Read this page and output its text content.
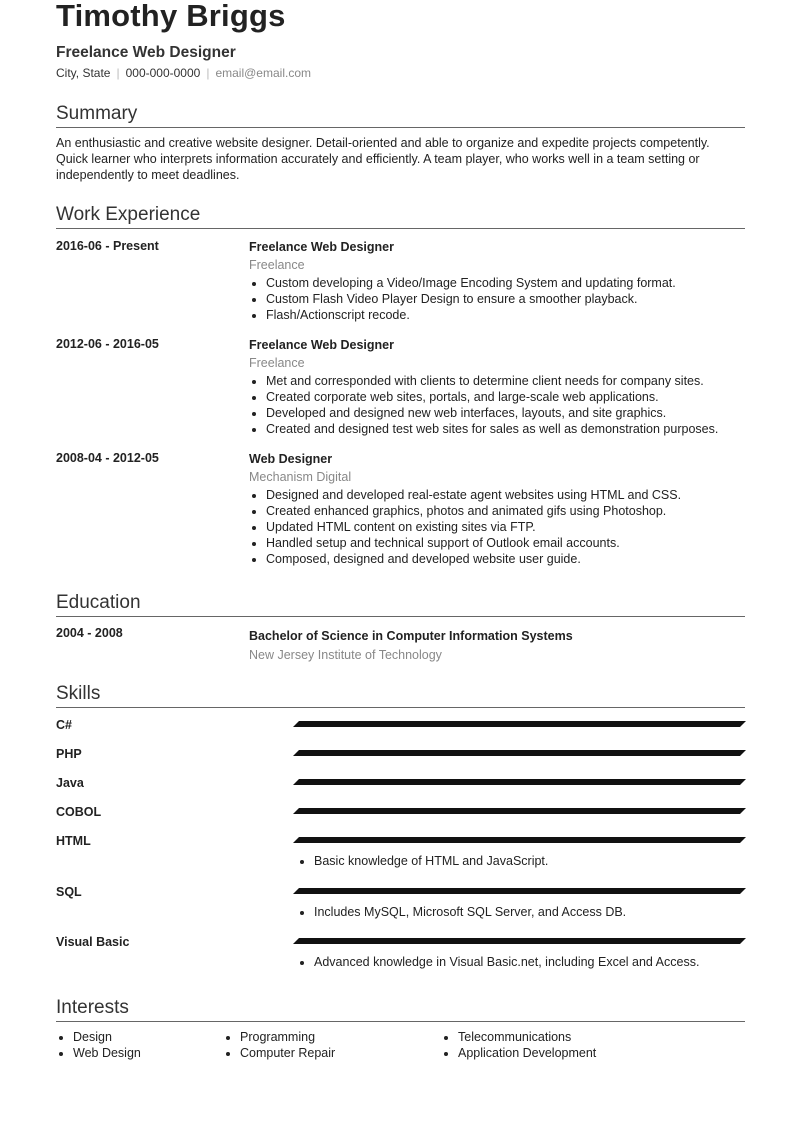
Timothy Briggs
Freelance Web Designer
City, State | 000-000-0000 | email@email.com
Summary
An enthusiastic and creative website designer. Detail-oriented and able to organize and expedite projects competently. Quick learner who interprets information accurately and efficiently. A team player, who works well in a team setting or independently to meet deadlines.
Work Experience
2016-06 - Present	Freelance Web Designer
Freelance
• Custom developing a Video/Image Encoding System and updating format.
• Custom Flash Video Player Design to ensure a smoother playback.
• Flash/Actionscript recode.
2012-06 - 2016-05	Freelance Web Designer
Freelance
• Met and corresponded with clients to determine client needs for company sites.
• Created corporate web sites, portals, and large-scale web applications.
• Developed and designed new web interfaces, layouts, and site graphics.
• Created and designed test web sites for sales as well as demonstration purposes.
2008-04 - 2012-05	Web Designer
Mechanism Digital
• Designed and developed real-estate agent websites using HTML and CSS.
• Created enhanced graphics, photos and animated gifs using Photoshop.
• Updated HTML content on existing sites via FTP.
• Handled setup and technical support of Outlook email accounts.
• Composed, designed and developed website user guide.
Education
2004 - 2008	Bachelor of Science in Computer Information Systems
New Jersey Institute of Technology
Skills
C#
PHP
Java
COBOL
HTML
• Basic knowledge of HTML and JavaScript.
SQL
• Includes MySQL, Microsoft SQL Server, and Access DB.
Visual Basic
• Advanced knowledge in Visual Basic.net, including Excel and Access.
Interests
• Design
• Web Design
• Programming
• Computer Repair
• Telecommunications
• Application Development
